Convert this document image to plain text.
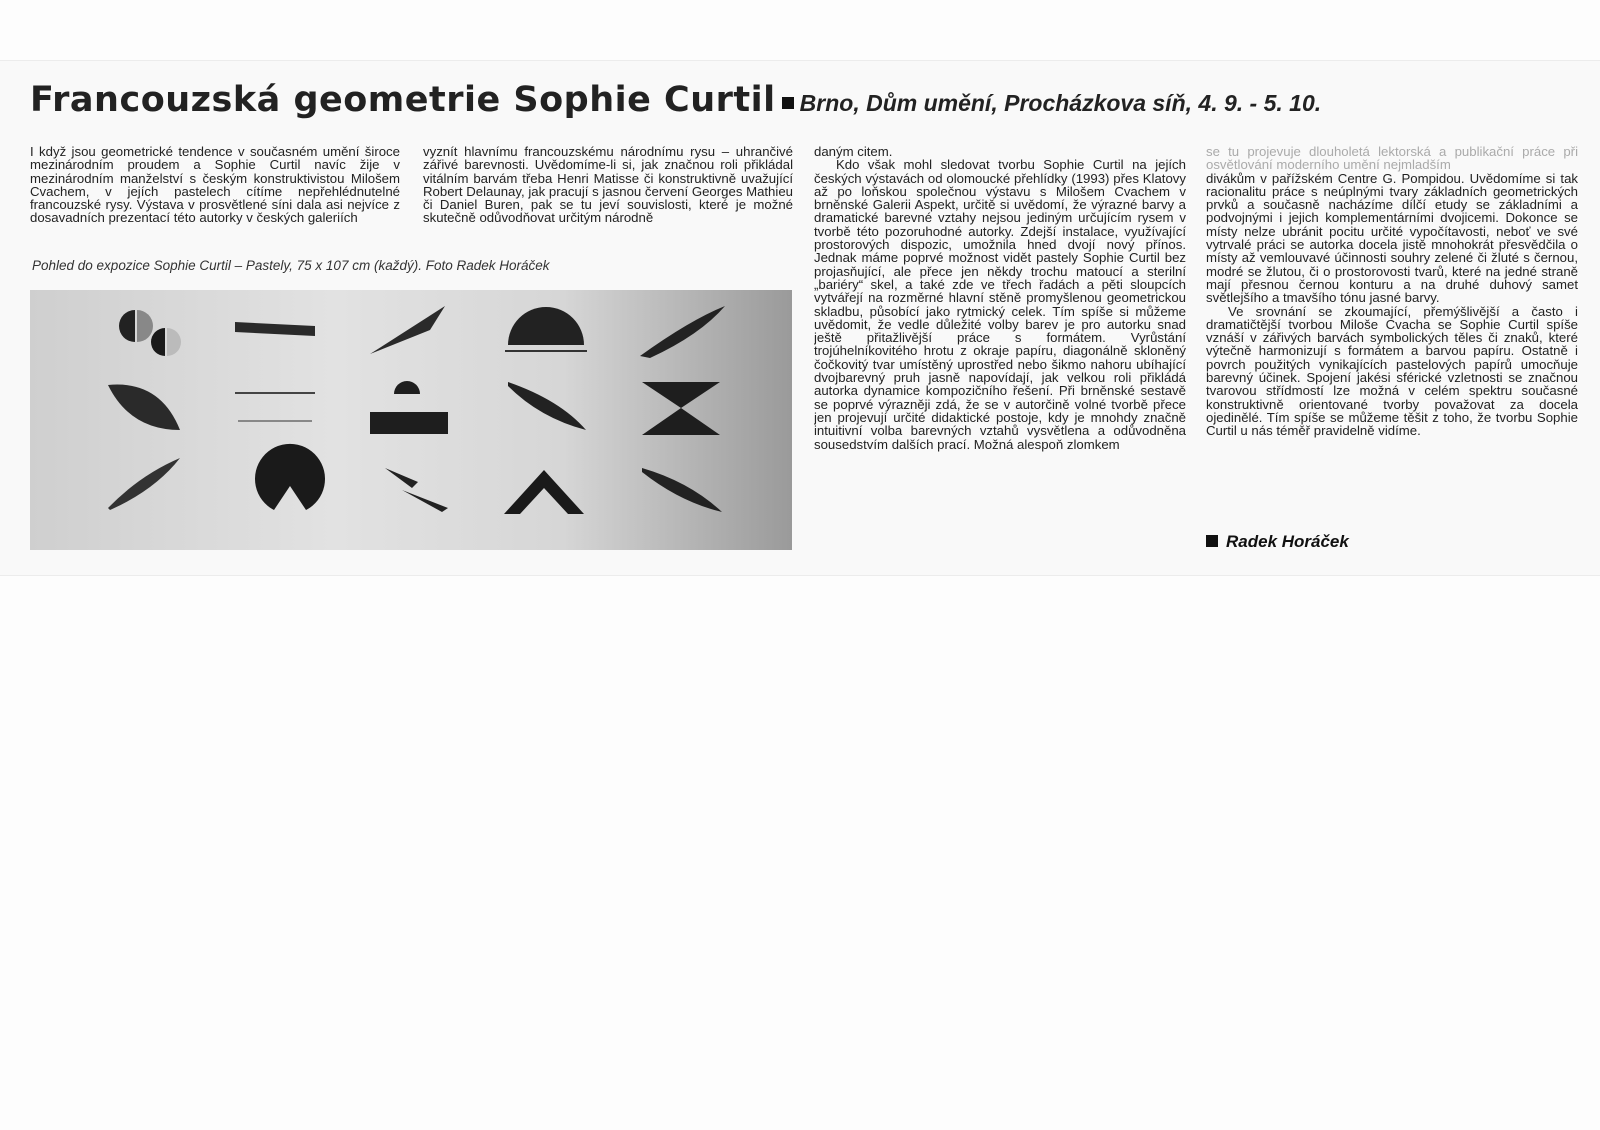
Francouzská geometrie Sophie Curtil Brno, Dům umění, Procházkova síň, 4. 9. - 5. 10.

I když jsou geometrické tendence v současném umění široce mezinárodním proudem a Sophie Curtil navíc žije v mezinárodním manželství s českým konstruktivistou Milošem Cvachem, v jejích pastelech cítíme nepřehlédnutelné francouzské rysy. Výstava v prosvětlené síni dala asi nejvíce z dosavadních prezentací této autorky v českých galeriích

vyznít hlavnímu francouzskému národnímu rysu – uhrančivé zářivé barevnosti. Uvědomíme-li si, jak značnou roli přikládal vitálním barvám třeba Henri Matisse či konstruktivně uvažující Robert Delaunay, jak pracují s jasnou červení Georges Mathieu či Daniel Buren, pak se tu jeví souvislosti, které je možné skutečně odůvodňovat určitým národně

Pohled do expozice Sophie Curtil – Pastely, 75 x 107 cm (každý). Foto Radek Horáček

daným citem.

Kdo však mohl sledovat tvorbu Sophie Curtil na jejích českých výstavách od olomoucké přehlídky (1993) přes Klatovy až po loňskou společnou výstavu s Milošem Cvachem v brněnské Galerii Aspekt, určitě si uvědomí, že výrazné barvy a dramatické barevné vztahy nejsou jediným určujícím rysem v tvorbě této pozoruhodné autorky. Zdejší instalace, využívající prostorových dispozic, umožnila hned dvojí nový přínos. Jednak máme poprvé možnost vidět pastely Sophie Curtil bez projasňující, ale přece jen někdy trochu matoucí a sterilní „bariéry“ skel, a také zde ve třech řadách a pěti sloupcích vytvářejí na rozměrné hlavní stěně promyšlenou geometrickou skladbu, působící jako rytmický celek. Tím spíše si můžeme uvědomit, že vedle důležité volby barev je pro autorku snad ještě přitažlivější práce s formátem. Vyrůstání trojúhelníkovitého hrotu z okraje papíru, diagonálně skloněný čočkovitý tvar umístěný uprostřed nebo šikmo nahoru ubíhající dvojbarevný pruh jasně napovídají, jak velkou roli přikládá autorka dynamice kompozičního řešení. Při brněnské sestavě se poprvé výrazněji zdá, že se v autorčině volné tvorbě přece jen projevují určité didaktické postoje, kdy je mnohdy značně intuitivní volba barevných vztahů vysvětlena a odůvodněna sousedstvím dalších prací. Možná alespoň zlomkem

se tu projevuje dlouholetá lektorská a publikační práce při osvětlování moderního umění nejmladším

divákům v pařížském Centre G. Pompidou. Uvědomíme si tak racionalitu práce s neúplnými tvary základních geometrických prvků a současně nacházíme dílčí etudy se základními a podvojnými i jejich komplementárními dvojicemi. Dokonce se místy nelze ubránit pocitu určité vypočítavosti, neboť ve své vytrvalé práci se autorka docela jistě mnohokrát přesvědčila o místy až vemlouvavé účinnosti souhry zelené či žluté s černou, modré se žlutou, či o prostorovosti tvarů, které na jedné straně mají přesnou černou konturu a na druhé duhový samet světlejšího a tmavšího tónu jasné barvy.

Ve srovnání se zkoumající, přemýšlivější a často i dramatičtější tvorbou Miloše Cvacha se Sophie Curtil spíše vznáší v zářivých barvách symbolických těles či znaků, které výtečně harmonizují s formátem a barvou papíru. Ostatně i povrch použitých vynikajících pastelových papírů umocňuje barevný účinek. Spojení jakési sférické vzletnosti se značnou tvarovou střídmostí lze možná v celém spektru současné konstruktivně orientované tvorby považovat za docela ojedinělé. Tím spíše se můžeme těšit z toho, že tvorbu Sophie Curtil u nás téměř pravidelně vidíme.

Radek Horáček
